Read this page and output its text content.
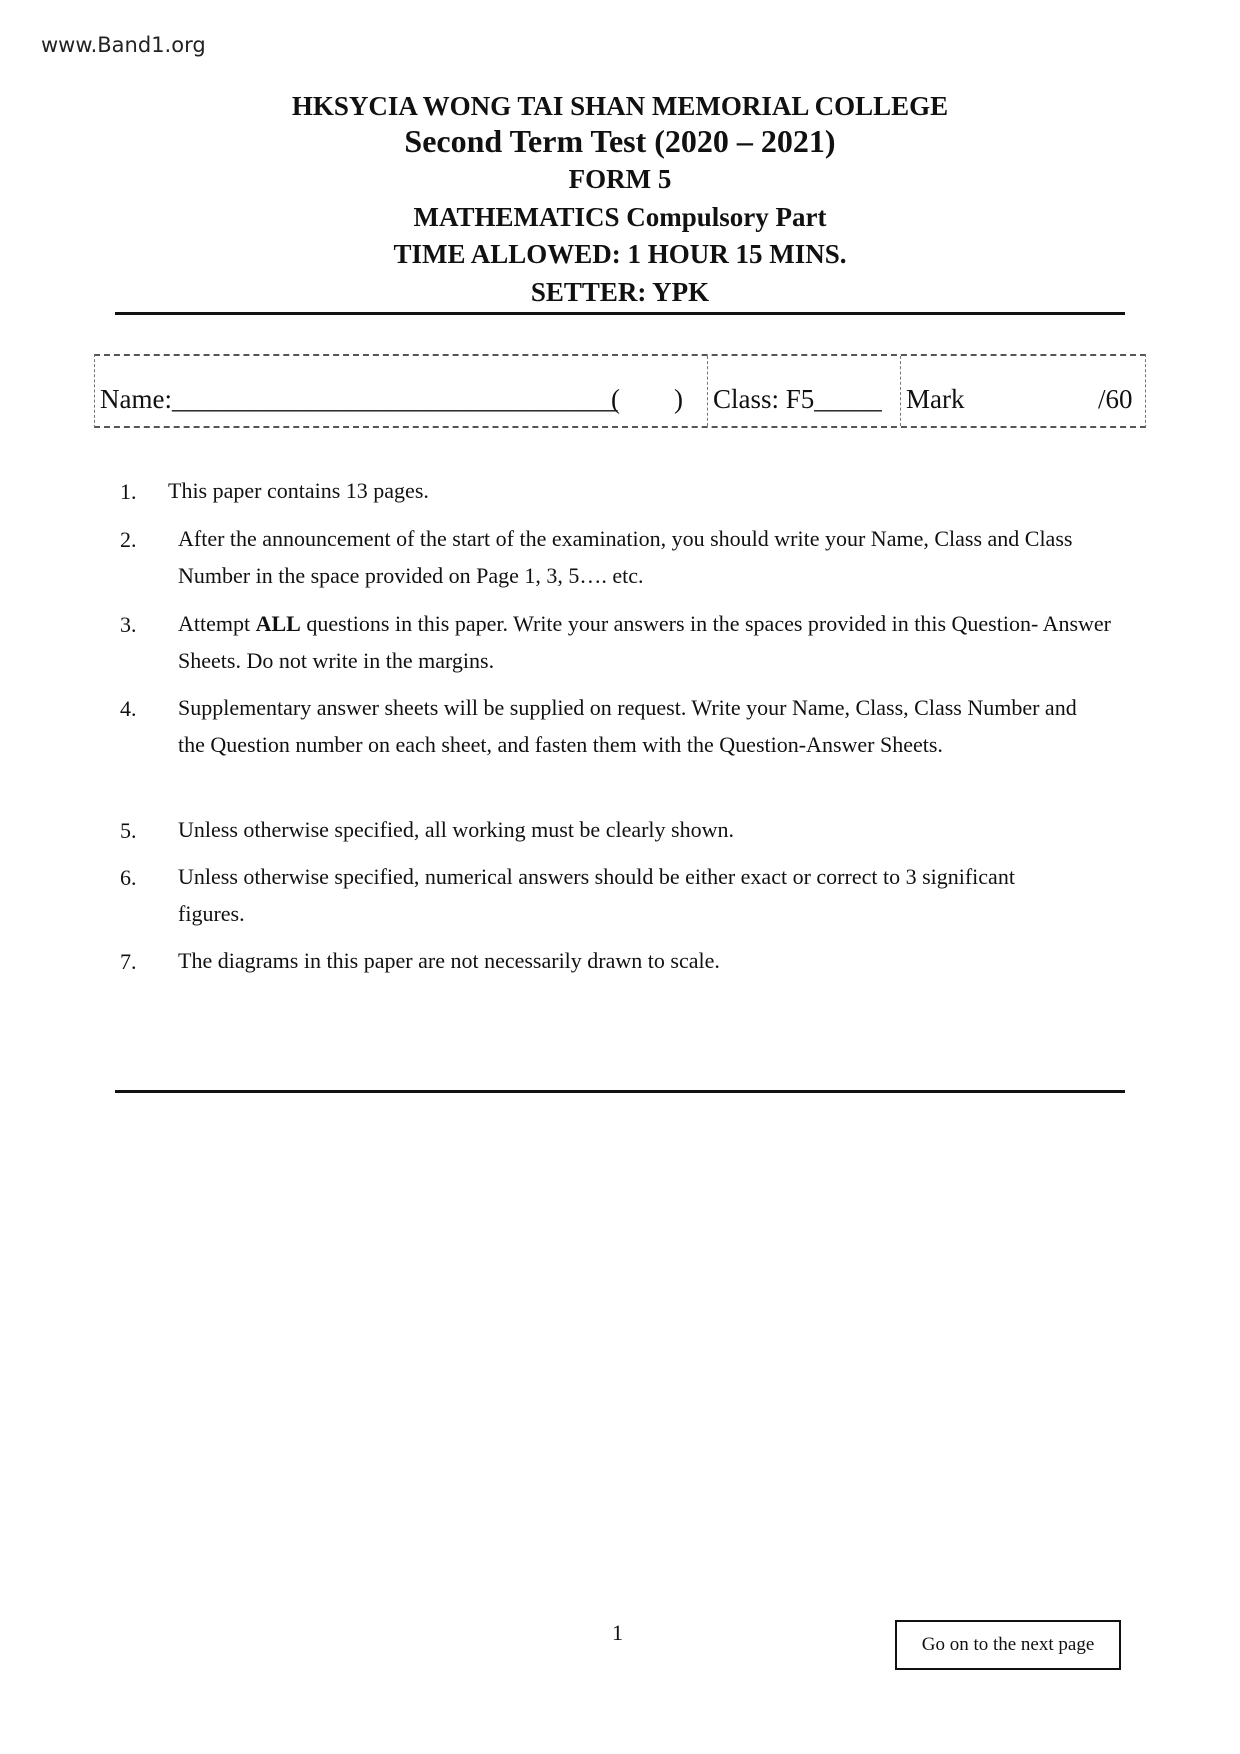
www.Band1.org
HKSYCIA WONG TAI SHAN MEMORIAL COLLEGE
Second Term Test (2020 – 2021)
FORM 5
MATHEMATICS Compulsory Part
TIME ALLOWED: 1 HOUR 15 MINS.
SETTER: YPK
Name:_________________________________
(        ) Class: F5_____ Mark	/60
1. This paper contains 13 pages.
2. After the announcement of the start of the examination, you should write your Name, Class and Class Number in the space provided on Page 1, 3, 5…. etc.
3. Attempt ALL questions in this paper. Write your answers in the spaces provided in this Question- Answer Sheets. Do not write in the margins.
4. Supplementary answer sheets will be supplied on request. Write your Name, Class, Class Number and the Question number on each sheet, and fasten them with the Question-Answer Sheets.
5. Unless otherwise specified, all working must be clearly shown.
6. Unless otherwise specified, numerical answers should be either exact or correct to 3 significant figures.
7. The diagrams in this paper are not necessarily drawn to scale.
1	Go on to the next page
